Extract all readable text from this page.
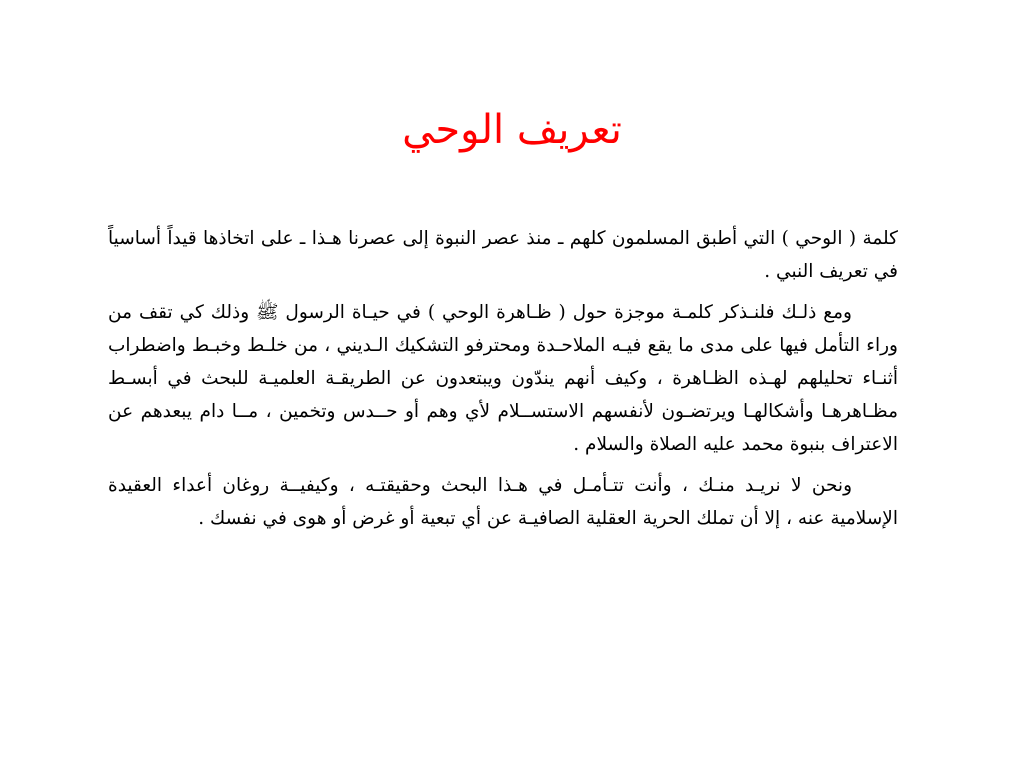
تعريف الوحي

كلمة ( الوحي ) التي أطبق المسلمون كلهم ـ منذ عصر النبوة إلى عصرنا هـذا ـ على اتخاذها قيداً أساسياً في تعريف النبي .

ومع ذلـك فلنـذكر كلمـة موجزة حول ( ظـاهرة الوحي ) في حيـاة الرسول ﷺ وذلك كي تقف من وراء التأمل فيها على مدى ما يقع فيـه الملاحـدة ومحترفو التشكيك الـديني ، من خلـط وخبـط واضطراب أثنـاء تحليلهم لهـذه الظـاهرة ، وكيف أنهم يندّون ويبتعدون عن الطريقـة العلميـة للبحث في أبسـط مظـاهرهـا وأشكالهـا ويرتضـون لأنفسهم الاستســلام لأي وهم أو حــدس وتخمين ، مــا دام يبعدهم عن الاعتراف بنبوة محمد عليه الصلاة والسلام .

ونحن لا نريـد منـك ، وأنت تتـأمـل في هـذا البحث وحقيقتـه ، وكيفيــة روغان أعداء العقيدة الإسلامية عنه ، إلا أن تملك الحرية العقلية الصافيـة عن أي تبعية أو غرض أو هوى في نفسك .
